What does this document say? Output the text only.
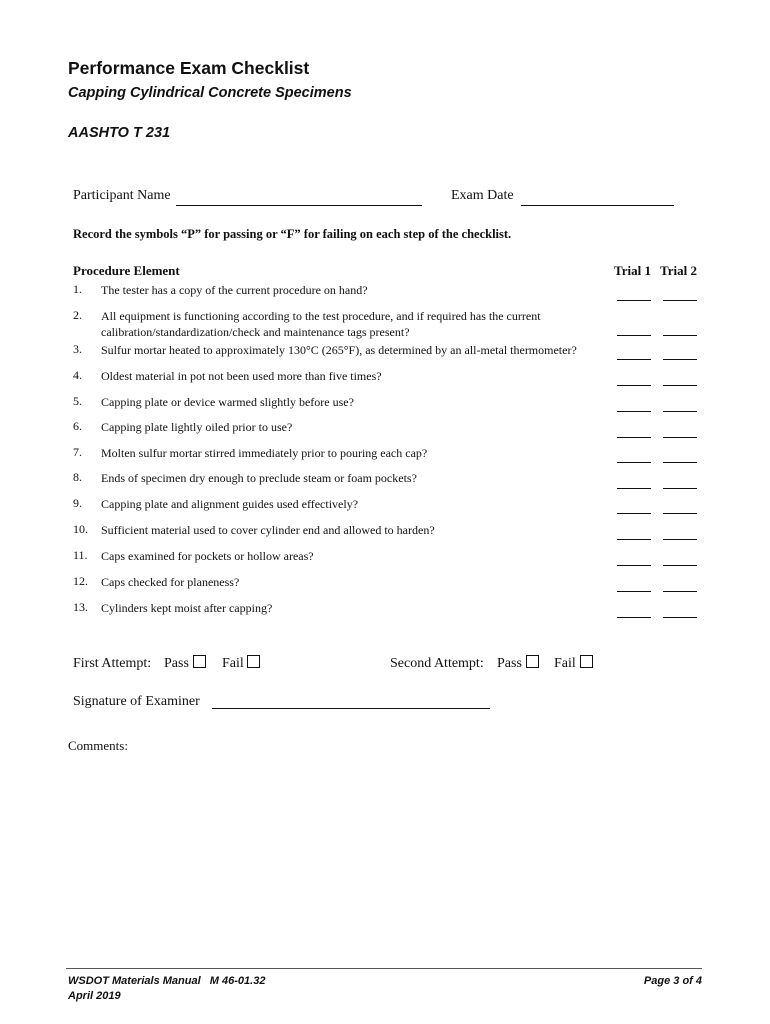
Performance Exam Checklist
Capping Cylindrical Concrete Specimens
AASHTO T 231
Participant Name	Exam Date
Record the symbols “P” for passing or “F” for failing on each step of the checklist.
Procedure Element	Trial 1 Trial 2
1. The tester has a copy of the current procedure on hand?
2. All equipment is functioning according to the test procedure, and if required has the current calibration/standardization/check and maintenance tags present?
3. Sulfur mortar heated to approximately 130°C (265°F), as determined by an all-metal thermometer?
4. Oldest material in pot not been used more than five times?
5. Capping plate or device warmed slightly before use?
6. Capping plate lightly oiled prior to use?
7. Molten sulfur mortar stirred immediately prior to pouring each cap?
8. Ends of specimen dry enough to preclude steam or foam pockets?
9. Capping plate and alignment guides used effectively?
10. Sufficient material used to cover cylinder end and allowed to harden?
11. Caps examined for pockets or hollow areas?
12. Caps checked for planeness?
13. Cylinders kept moist after capping?
First Attempt: Pass Fail	Second Attempt: Pass Fail
Signature of Examiner
Comments:
WSDOT Materials Manual   M 46-01.32
April 2019
Page 3 of 4
